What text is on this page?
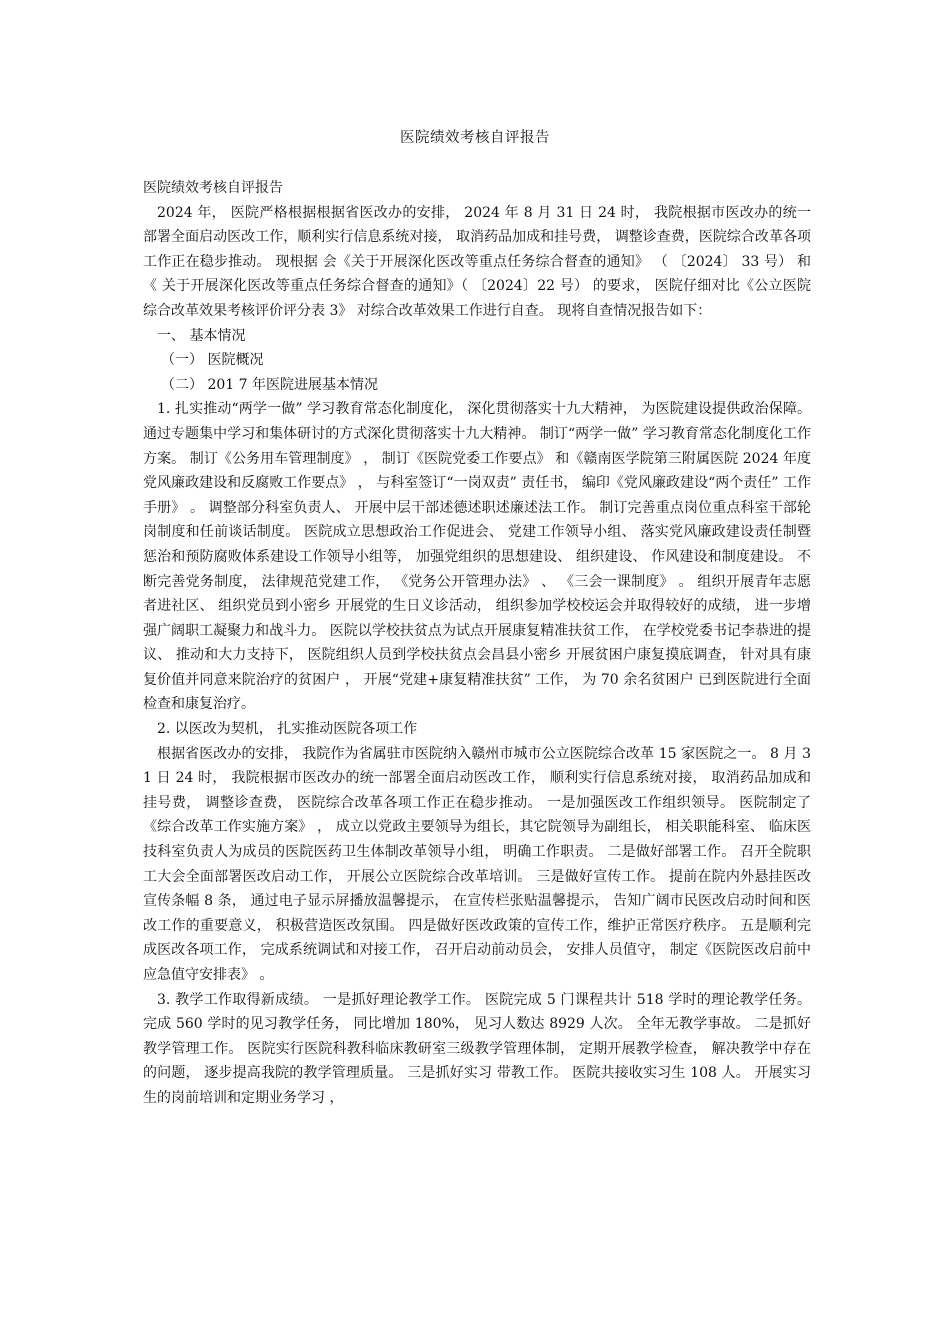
医院绩效考核自评报告

医院绩效考核自评报告

2024 年， 医院严格根据根据省医改办的安排， 2024 年 8 月 31 日 24 时， 我院根据市医改办的统一部署全面启动医改工作，顺利实行信息系统对接， 取消药品加成和挂号费， 调整诊查费，医院综合改革各项工作正在稳步推动。 现根据 会《关于开展深化医改等重点任务综合督查的通知》 （ 〔2024〕 33 号） 和《 关于开展深化医改等重点任务综合督查的通知》（ 〔2024〕22 号） 的要求， 医院仔细对比《公立医院综合改革效果考核评价评分表 3》 对综合改革效果工作进行自查。 现将自查情况报告如下：

一、 基本情况

（一） 医院概况

（二） 201 7 年医院进展基本情况

1. 扎实推动“两学一做” 学习教育常态化制度化， 深化贯彻落实十九大精神， 为医院建设提供政治保障。 通过专题集中学习和集体研讨的方式深化贯彻落实十九大精神。 制订“两学一做” 学习教育常态化制度化工作方案。 制订《公务用车管理制度》 ， 制订《医院党委工作要点》 和《赣南医学院第三附属医院 2024 年度党风廉政建设和反腐败工作要点》 ， 与科室签订“一岗双责” 责任书， 编印《党风廉政建设“两个责任” 工作手册》 。 调整部分科室负责人、 开展中层干部述德述职述廉述法工作。 制订完善重点岗位重点科室干部轮岗制度和任前谈话制度。 医院成立思想政治工作促进会、 党建工作领导小组、 落实党风廉政建设责任制暨惩治和预防腐败体系建设工作领导小组等， 加强党组织的思想建设、 组织建设、 作风建设和制度建设。 不断完善党务制度， 法律规范党建工作， 《党务公开管理办法》 、 《三会一课制度》 。 组织开展青年志愿者进社区、 组织党员到小密乡 开展党的生日义诊活动， 组织参加学校校运会并取得较好的成绩， 进一步增强广阔职工凝聚力和战斗力。 医院以学校扶贫点为试点开展康复精准扶贫工作， 在学校党委书记李恭进的提议、 推动和大力支持下， 医院组织人员到学校扶贫点会昌县小密乡 开展贫困户康复摸底调查， 针对具有康复价值并同意来院治疗的贫困户 ， 开展“党建+康复精准扶贫” 工作， 为 70 余名贫困户 已到医院进行全面检查和康复治疗。

2. 以医改为契机， 扎实推动医院各项工作

根据省医改办的安排， 我院作为省属驻市医院纳入赣州市城市公立医院综合改革 15 家医院之一。 8 月 31 日 24 时， 我院根据市医改办的统一部署全面启动医改工作， 顺利实行信息系统对接， 取消药品加成和挂号费， 调整诊查费， 医院综合改革各项工作正在稳步推动。 一是加强医改工作组织领导。 医院制定了《综合改革工作实施方案》 ， 成立以党政主要领导为组长，其它院领导为副组长， 相关职能科室、 临床医技科室负责人为成员的医院医药卫生体制改革领导小组， 明确工作职责。 二是做好部署工作。 召开全院职工大会全面部署医改启动工作， 开展公立医院综合改革培训。 三是做好宣传工作。 提前在院内外悬挂医改宣传条幅 8 条， 通过电子显示屏播放温馨提示， 在宣传栏张贴温馨提示， 告知广阔市民医改启动时间和医改工作的重要意义， 积极营造医改氛围。 四是做好医改政策的宣传工作，维护正常医疗秩序。 五是顺利完成医改各项工作， 完成系统调试和对接工作， 召开启动前动员会， 安排人员值守， 制定《医院医改启前中应急值守安排表》 。

3. 教学工作取得新成绩。 一是抓好理论教学工作。 医院完成 5 门课程共计 518 学时的理论教学任务。 完成 560 学时的见习教学任务， 同比增加 180%， 见习人数达 8929 人次。 全年无教学事故。 二是抓好教学管理工作。 医院实行医院科教科临床教研室三级教学管理体制， 定期开展教学检查， 解决教学中存在的问题， 逐步提高我院的教学管理质量。 三是抓好实习 带教工作。 医院共接收实习生 108 人。 开展实习生的岗前培训和定期业务学习 ，
